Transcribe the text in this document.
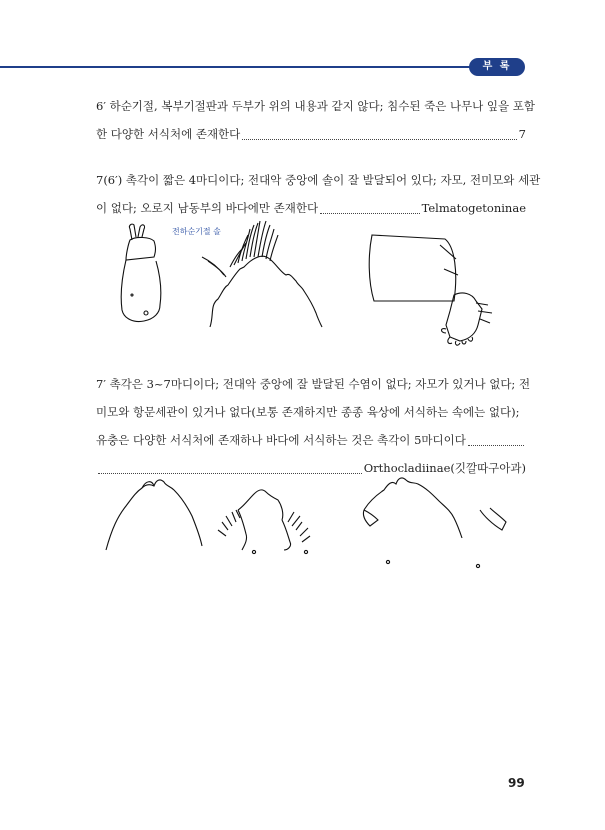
부 록
6′ 하순기절, 복부기절판과 두부가 위의 내용과 같지 않다; 침수된 죽은 나무나 잎을 포함
한 다양한 서식처에 존재한다	7
7(6′) 촉각이 짧은 4마디이다; 전대악 중앙에 솔이 잘 발달되어 있다; 자모, 전미모와 세관
이 없다; 오로지 남동부의 바다에만 존재한다	Telmatogetoninae
전하순기절 솔
7′ 촉각은 3~7마디이다; 전대악 중앙에 잘 발달된 수염이 없다; 자모가 있거나 없다; 전
미모와 항문세관이 있거나 없다(보통 존재하지만 종종 육상에 서식하는 속에는 없다);
유충은 다양한 서식처에 존재하나 바다에 서식하는 것은 촉각이 5마디이다
Orthocladiinae(깃깔따구아과)
99
